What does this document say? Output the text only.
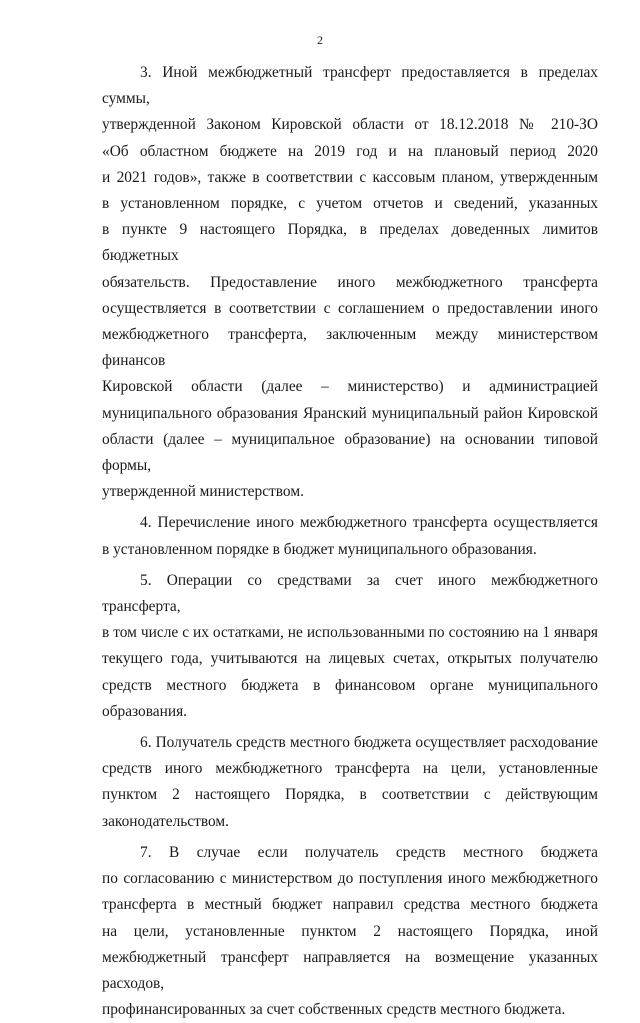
2
3. Иной межбюджетный трансферт предоставляется в пределах суммы,
утвержденной Законом Кировской области от 18.12.2018 № 210-ЗО
«Об областном бюджете на 2019 год и на плановый период 2020
и 2021 годов», также в соответствии с кассовым планом, утвержденным
в установленном порядке, с учетом отчетов и сведений, указанных
в пункте 9 настоящего Порядка, в пределах доведенных лимитов бюджетных
обязательств. Предоставление иного межбюджетного трансферта
осуществляется в соответствии с соглашением о предоставлении иного
межбюджетного трансферта, заключенным между министерством финансов
Кировской области (далее – министерство) и администрацией
муниципального образования Яранский муниципальный район Кировской
области (далее – муниципальное образование) на основании типовой формы,
утвержденной министерством.
4. Перечисление иного межбюджетного трансферта осуществляется
в установленном порядке в бюджет муниципального образования.
5. Операции со средствами за счет иного межбюджетного трансферта,
в том числе с их остатками, не использованными по состоянию на 1 января
текущего года, учитываются на лицевых счетах, открытых получателю
средств местного бюджета в финансовом органе муниципального
образования.
6. Получатель средств местного бюджета осуществляет расходование
средств иного межбюджетного трансферта на цели, установленные
пунктом 2 настоящего Порядка, в соответствии с действующим
законодательством.
7. В случае если получатель средств местного бюджета
по согласованию с министерством до поступления иного межбюджетного
трансферта в местный бюджет направил средства местного бюджета
на цели, установленные пунктом 2 настоящего Порядка, иной
межбюджетный трансферт направляется на возмещение указанных расходов,
профинансированных за счет собственных средств местного бюджета.
